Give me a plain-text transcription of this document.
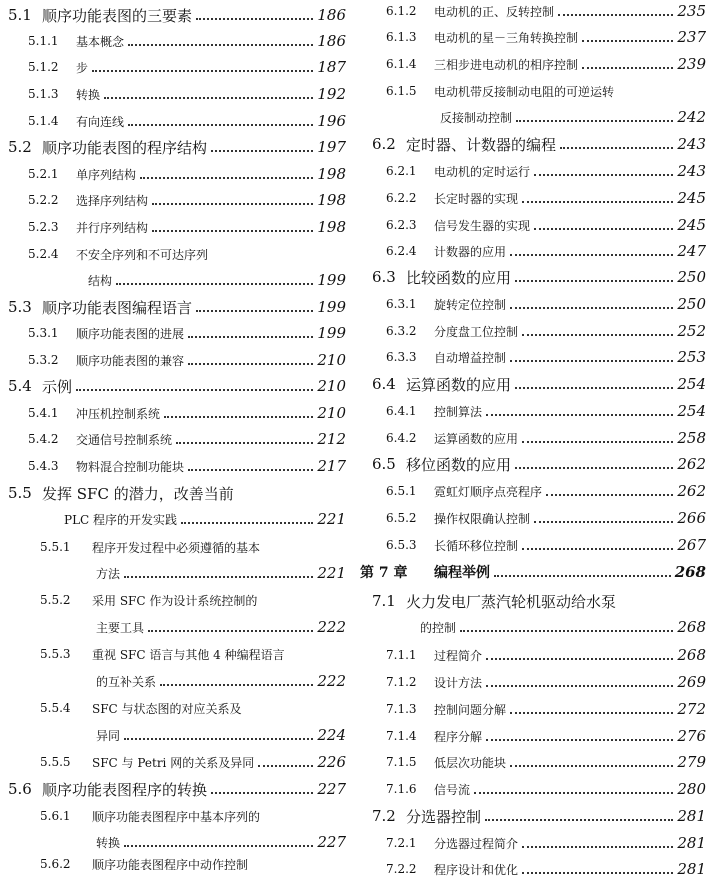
5.1 顺序功能表图的三要素	186
5.1.1	基本概念	186
5.1.2	步	187
5.1.3	转换	192
5.1.4	有向连线	196
5.2 顺序功能表图的程序结构	197
5.2.1	单序列结构	198
5.2.2	选择序列结构	198
5.2.3	并行序列结构	198
5.2.4	不安全序列和不可达序列
结构	199
5.3 顺序功能表图编程语言	199
5.3.1	顺序功能表图的进展	199
5.3.2	顺序功能表图的兼容	210
5.4 示例	210
5.4.1	冲压机控制系统	210
5.4.2	交通信号控制系统	212
5.4.3	物料混合控制功能块	217
5.5 发挥 SFC 的潜力，改善当前
PLC 程序的开发实践	221
5.5.1	程序开发过程中必须遵循的基本
方法	221
5.5.2	采用 SFC 作为设计系统控制的
主要工具	222
5.5.3	重视 SFC 语言与其他 4 种编程语言
的互补关系	222
5.5.4	SFC 与状态图的对应关系及
异同	224
5.5.5	SFC 与 Petri 网的关系及异同	226
5.6 顺序功能表图程序的转换	227
5.6.1	顺序功能表图程序中基本序列的
转换	227
5.6.2	顺序功能表图程序中动作控制
6.1.2	电动机的正、反转控制	235
6.1.3	电动机的星－三角转换控制	237
6.1.4	三相步进电动机的相序控制	239
6.1.5	电动机带反接制动电阻的可逆运转
反接制动控制	242
6.2 定时器、计数器的编程	243
6.2.1	电动机的定时运行	243
6.2.2	长定时器的实现	245
6.2.3	信号发生器的实现	245
6.2.4	计数器的应用	247
6.3 比较函数的应用	250
6.3.1	旋转定位控制	250
6.3.2	分度盘工位控制	252
6.3.3	自动增益控制	253
6.4 运算函数的应用	254
6.4.1	控制算法	254
6.4.2	运算函数的应用	258
6.5 移位函数的应用	262
6.5.1	霓虹灯顺序点亮程序	262
6.5.2	操作权限确认控制	266
6.5.3	长循环移位控制	267
第 7 章	编程举例	268
7.1 火力发电厂蒸汽轮机驱动给水泵
的控制	268
7.1.1	过程简介	268
7.1.2	设计方法	269
7.1.3	控制问题分解	272
7.1.4	程序分解	276
7.1.5	低层次功能块	279
7.1.6	信号流	280
7.2 分选器控制	281
7.2.1	分选器过程简介	281
7.2.2	程序设计和优化	281
